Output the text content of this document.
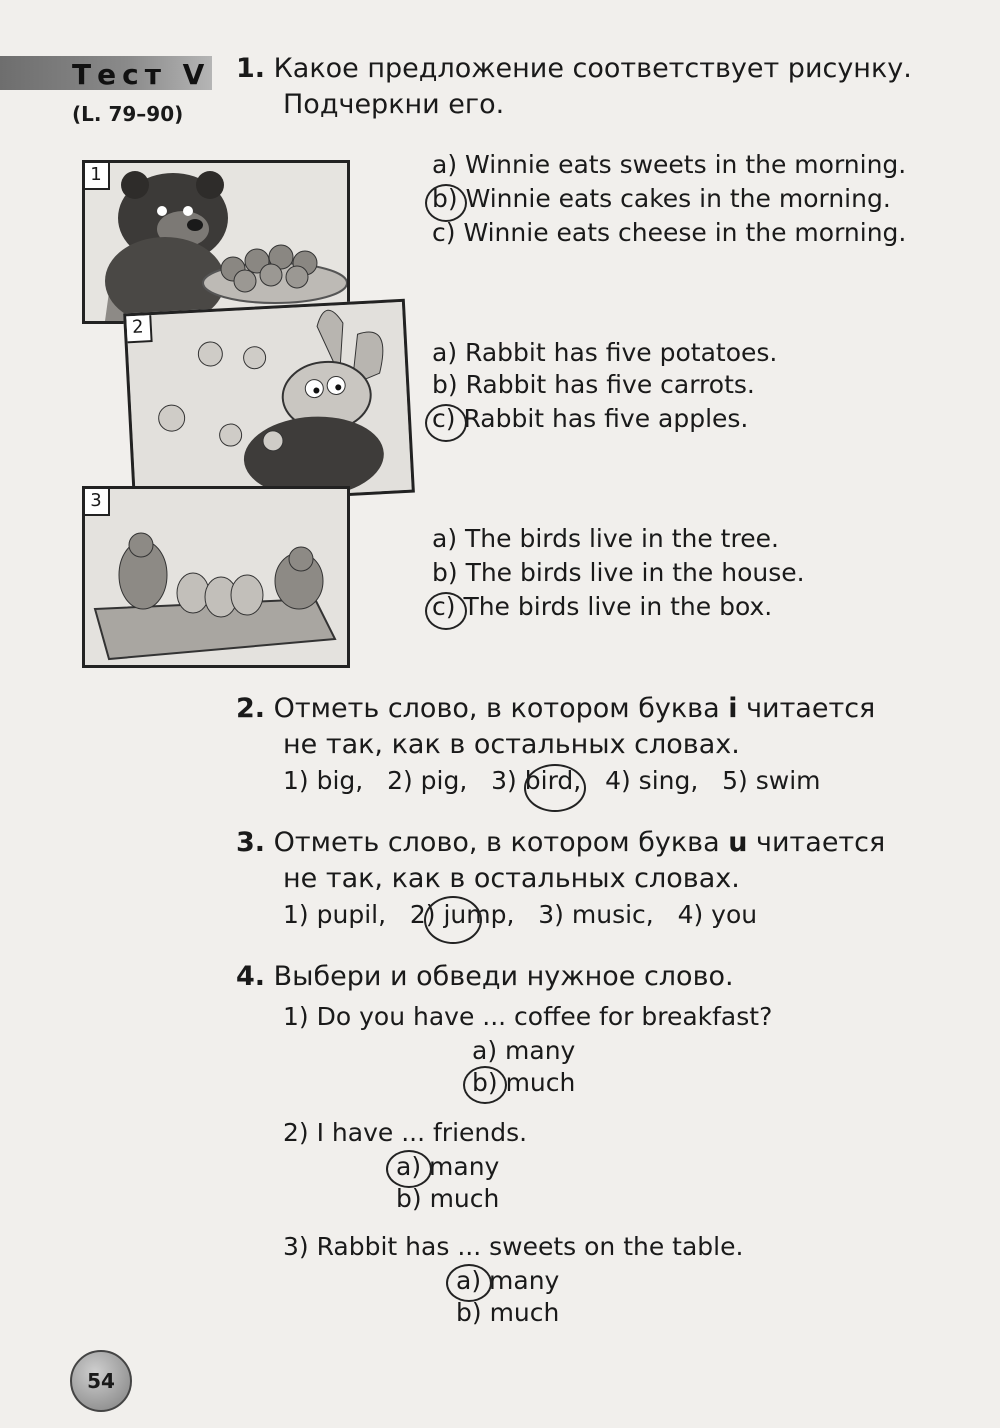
Тест V
(L. 79–90)
1. Какое предложение соответствует рисунку.
Подчеркни его.
1
2
3
a) Winnie eats sweets in the morning.
b) Winnie eats cakes in the morning.
c) Winnie eats cheese in the morning.
a) Rabbit has five potatoes.
b) Rabbit has five carrots.
c) Rabbit has five apples.
a) The birds live in the tree.
b) The birds live in the house.
c) The birds live in the box.
2. Отметь слово, в котором буква i читается
не так, как в остальных словах.
1) big,   2) pig,   3) bird,   4) sing,   5) swim
3. Отметь слово, в котором буква u читается
не так, как в остальных словах.
1) pupil,   2) jump,   3) music,   4) you
4. Выбери и обведи нужное слово.
1) Do you have ... coffee for breakfast?
a) many
b) much
2) I have ... friends.
a) many
b) much
3) Rabbit has ... sweets on the table.
a) many
b) much
54
